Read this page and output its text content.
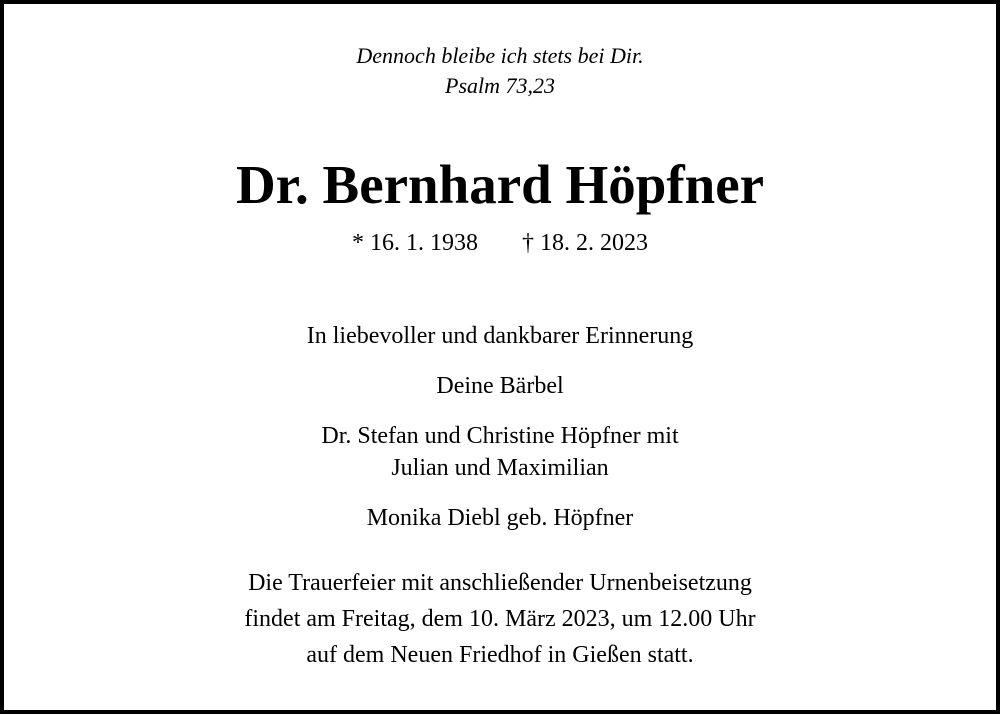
Dennoch bleibe ich stets bei Dir.
Psalm 73,23
Dr. Bernhard Höpfner
* 16. 1. 1938 † 18. 2. 2023
In liebevoller und dankbarer Erinnerung
Deine Bärbel
Dr. Stefan und Christine Höpfner mit
Julian und Maximilian
Monika Diebl geb. Höpfner
Die Trauerfeier mit anschließender Urnenbeisetzung
findet am Freitag, dem 10. März 2023, um 12.00 Uhr
auf dem Neuen Friedhof in Gießen statt.
